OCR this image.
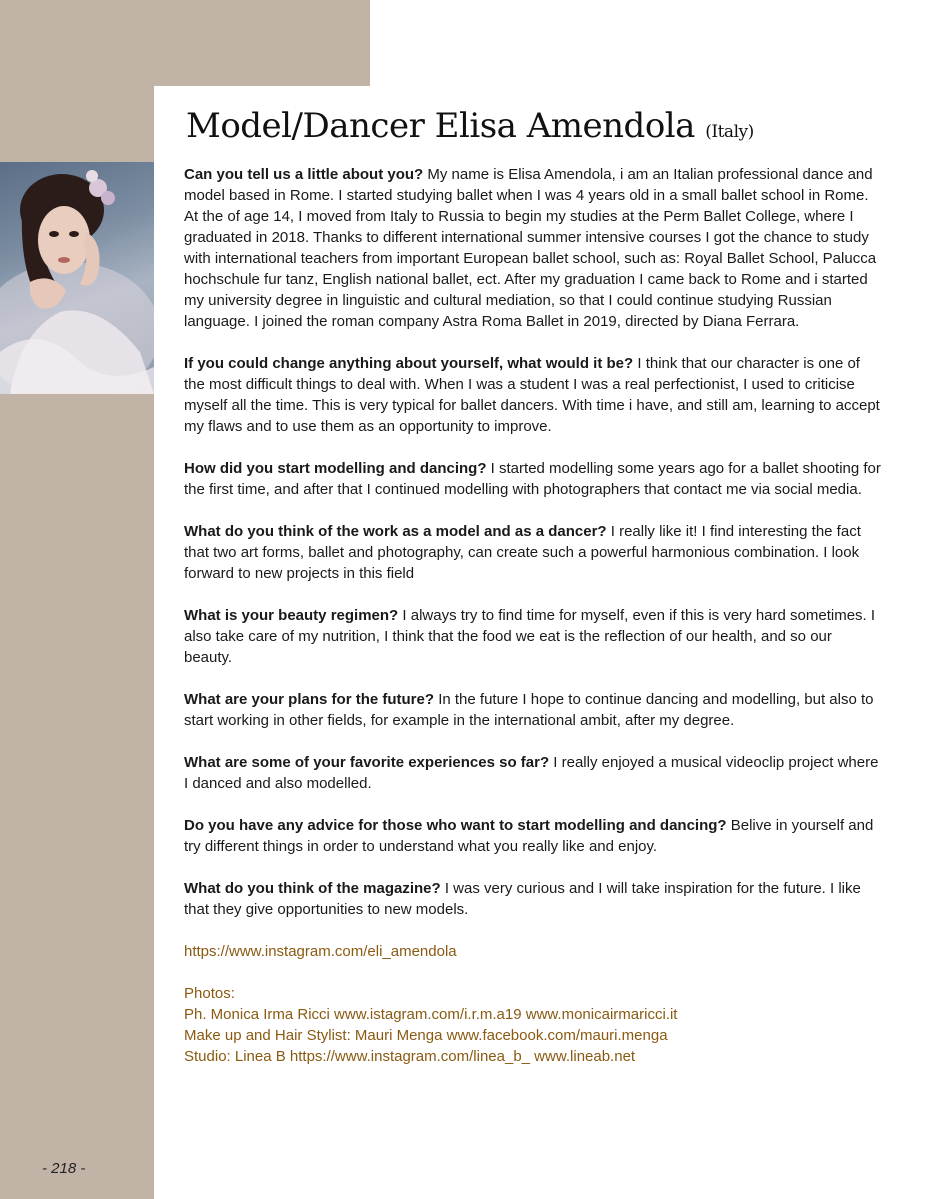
Model/Dancer Elisa Amendola (Italy)

Can you tell us a little about you? My name is Elisa Amendola, i am an Italian professional dance and model based in Rome. I started studying ballet when I was 4 years old in a small ballet school in Rome. At the of age 14, I moved from Italy to Russia to begin my studies at the Perm Ballet College, where I graduated in 2018. Thanks to different international summer intensive courses I got the chance to study with international teachers from important European ballet school, such as: Royal Ballet School, Palucca hochschule fur tanz, English national ballet, ect. After my graduation I came back to Rome and i started my university degree in linguistic and cultural mediation, so that I could continue studying Russian language. I joined the roman company Astra Roma Ballet in 2019, directed by Diana Ferrara.

If you could change anything about yourself, what would it be? I think that our character is one of the most difficult things to deal with. When I was a student I was a real perfectionist, I used to criticise myself all the time. This is very typical for ballet dancers. With time i have, and still am, learning to accept my flaws and to use them as an opportunity to improve.

How did you start modelling and dancing? I started modelling some years ago for a ballet shooting for the first time, and after that I continued modelling with photographers that contact me via social media.

What do you think of the work as a model and as a dancer? I really like it! I find interesting the fact that two art forms, ballet and photography, can create such a powerful harmonious combination. I look forward to new projects in this field

What is your beauty regimen? I always try to find time for myself, even if this is very hard sometimes. I also take care of my nutrition, I think that the food we eat is the reflection of our health, and so our beauty.

What are your plans for the future? In the future I hope to continue dancing and modelling, but also to start working in other fields, for example in the international ambit, after my degree.

What are some of your favorite experiences so far? I really enjoyed a musical videoclip project where I danced and also modelled.

Do you have any advice for those who want to start modelling and dancing? Belive in yourself and try different things in order to understand what you really like and enjoy.

What do you think of the magazine? I was very curious and I will take inspiration for the future. I like that they give opportunities to new models.

https://www.instagram.com/eli_amendola

Photos:
Ph. Monica Irma Ricci www.istagram.com/i.r.m.a19 www.monicairmaricci.it
Make up and Hair Stylist: Mauri Menga www.facebook.com/mauri.menga
Studio: Linea B https://www.instagram.com/linea_b_ www.lineab.net
- 218 -
